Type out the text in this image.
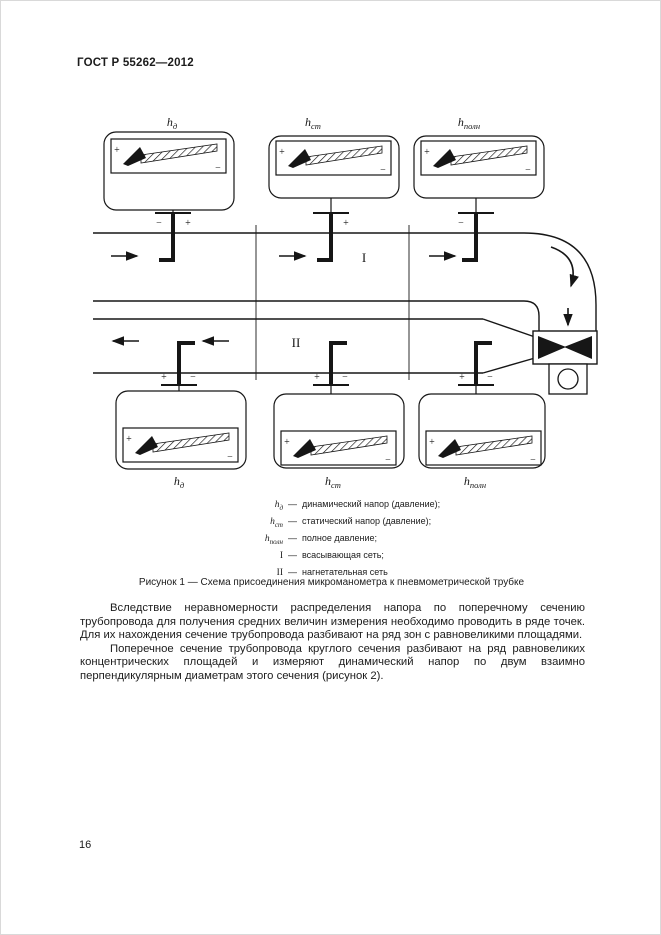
ГОСТ Р 55262—2012
I
II
− +	+	−
+ −	+ −	+ −
+
−
+
−
+
−
+
−
+
−
+
−
$h_д$	$h_{ст}$	$h_{полн}$
$h_д$	$h_{ст}$	$h_{полн}$
$h_д$ — динамический напор (давление);
$h_{ст}$ — статический напор (давление);
$h_{полн}$ — полное давление;
I — всасывающая сеть;
II — нагнетательная сеть
Рисунок 1 — Схема присоединения микроманометра к пневмометрической трубке

Вследствие неравномерности распределения напора по поперечному сечению трубопровода для получения средних величин измерения необходимо проводить в ряде точек. Для их нахождения сечение трубопровода разбивают на ряд зон с равновеликими площадями.

Поперечное сечение трубопровода круглого сечения разбивают на ряд равновеликих концентрических площадей и измеряют динамический напор по двум взаимно перпендикулярным диаметрам этого сечения (рисунок 2).

16
